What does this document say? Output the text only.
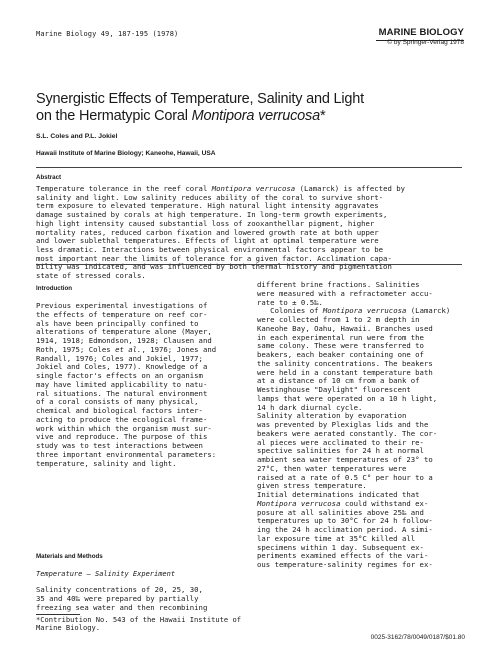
Marine Biology 49, 187-195 (1978)	MARINE BIOLOGY
© by Springer-Verlag 1978
Synergistic Effects of Temperature, Salinity and Light
on the Hermatypic Coral Montipora verrucosa*
S.L. Coles and P.L. Jokiel
Hawaii Institute of Marine Biology; Kaneohe, Hawaii, USA
Abstract
Temperature tolerance in the reef coral Montipora verrucosa (Lamarck) is affected by
salinity and light. Low salinity reduces ability of the coral to survive short-
term exposure to elevated temperature. High natural light intensity aggravates
damage sustained by corals at high temperature. In long-term growth experiments,
high light intensity caused substantial loss of zooxanthellar pigment, higher
mortality rates, reduced carbon fixation and lowered growth rate at both upper
and lower sublethal temperatures. Effects of light at optimal temperature were
less dramatic. Interactions between physical environmental factors appear to be
most important near the limits of tolerance for a given factor. Acclimation capa-
bility was indicated, and was influenced by both thermal history and pigmentation
state of stressed corals.
Introduction
Previous experimental investigations of
the effects of temperature on reef cor-
als have been principally confined to
alterations of temperature alone (Mayer,
1914, 1918; Edmondson, 1928; Clausen and
Roth, 1975; Coles et al., 1976; Jones and
Randall, 1976; Coles and Jokiel, 1977;
Jokiel and Coles, 1977). Knowledge of a
single factor's effects on an organism
may have limited applicability to natu-
ral situations. The natural environment
of a coral consists of many physical,
chemical and biological factors inter-
acting to produce the ecological frame-
work within which the organism must sur-
vive and reproduce. The purpose of this
study was to test interactions between
three important environmental parameters:
temperature, salinity and light.
Materials and Methods
Temperature — Salinity Experiment
Salinity concentrations of 20, 25, 30,
35 and 40‰ were prepared by partially
freezing sea water and then recombining
different brine fractions. Salinities
were measured with a refractometer accu-
rate to ± 0.5‰.
Colonies of Montipora verrucosa (Lamarck)
were collected from 1 to 2 m depth in
Kaneohe Bay, Oahu, Hawaii. Branches used
in each experimental run were from the
same colony. These were transferred to
beakers, each beaker containing one of
the salinity concentrations. The beakers
were held in a constant temperature bath
at a distance of 10 cm from a bank of
Westinghouse "Daylight" fluorescent
lamps that were operated on a 10 h light,
14 h dark diurnal cycle.
Salinity alteration by evaporation
was prevented by Plexiglas lids and the
beakers were aerated constantly. The cor-
al pieces were acclimated to their re-
spective salinities for 24 h at normal
ambient sea water temperatures of 23° to
27°C, then water temperatures were
raised at a rate of 0.5 C° per hour to a
given stress temperature.
Initial determinations indicated that
Montipora verrucosa could withstand ex-
posure at all salinities above 25‰ and
temperatures up to 30°C for 24 h follow-
ing the 24 h acclimation period. A simi-
lar exposure time at 35°C killed all
specimens within 1 day. Subsequent ex-
periments examined effects of the vari-
ous temperature-salinity regimes for ex-
*Contribution No. 543 of the Hawaii Institute of
Marine Biology.
0025-3162/78/0049/0187/$01.80
